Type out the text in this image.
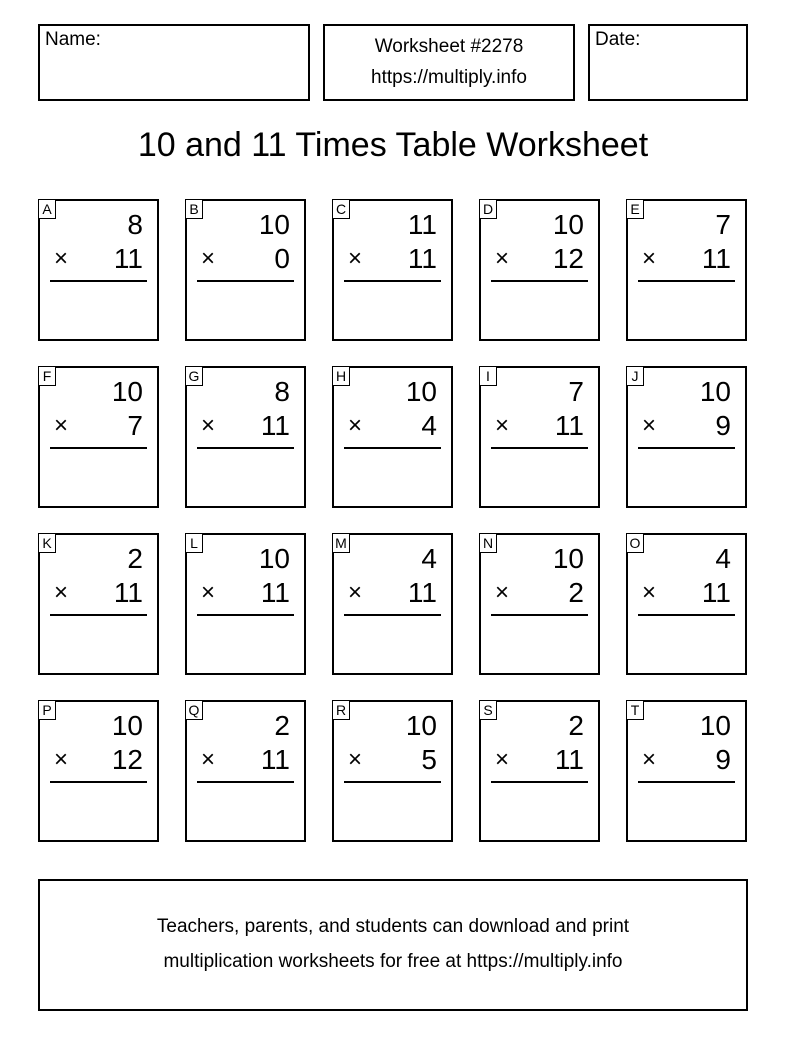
Name:	Worksheet #2278
https://multiply.info
Date:
10 and 11 Times Table Worksheet
A	8
× 11
B 10
× 0
C 11
× 11
D 10
× 12
E	7
× 11
F 10
× 7
G	8
× 11
H 10
× 4
I	7
× 11
J 10
× 9
K	2
× 11
L 10
× 11
M	4
× 11
N 10
× 2
O	4
× 11
P 10
× 12
Q	2
× 11
R 10
× 5
S	2
× 11
T 10
× 9
Teachers, parents, and students can download and print
multiplication worksheets for free at https://multiply.info
